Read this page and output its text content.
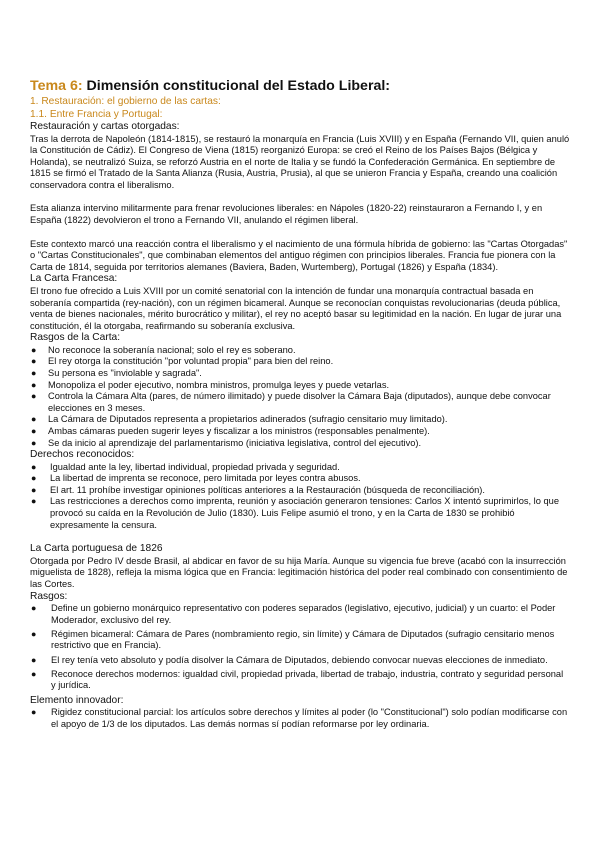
Tema 6: Dimensión constitucional del Estado Liberal:
1. Restauración: el gobierno de las cartas:
1.1. Entre Francia y Portugal:
Restauración y cartas otorgadas:

Tras la derrota de Napoleón (1814-1815), se restauró la monarquía en Francia (Luis XVIII) y en España (Fernando VII, quien anuló la Constitución de Cádiz). El Congreso de Viena (1815) reorganizó Europa: se creó el Reino de los Países Bajos (Bélgica y Holanda), se neutralizó Suiza, se reforzó Austria en el norte de Italia y se fundó la Confederación Germánica. En septiembre de 1815 se firmó el Tratado de la Santa Alianza (Rusia, Austria, Prusia), al que se unieron Francia y España, creando una coalición conservadora contra el liberalismo.

Esta alianza intervino militarmente para frenar revoluciones liberales: en Nápoles (1820-22) reinstauraron a Fernando I, y en España (1822) devolvieron el trono a Fernando VII, anulando el régimen liberal.

Este contexto marcó una reacción contra el liberalismo y el nacimiento de una fórmula híbrida de gobierno: las "Cartas Otorgadas" o "Cartas Constitucionales", que combinaban elementos del antiguo régimen con principios liberales. Francia fue pionera con la Carta de 1814, seguida por territorios alemanes (Baviera, Baden, Wurtemberg), Portugal (1826) y España (1834).

La Carta Francesa:

El trono fue ofrecido a Luis XVIII por un comité senatorial con la intención de fundar una monarquía contractual basada en soberanía compartida (rey-nación), con un régimen bicameral. Aunque se reconocían conquistas revolucionarias (deuda pública, venta de bienes nacionales, mérito burocrático y militar), el rey no aceptó basar su legitimidad en la nación. En lugar de jurar una constitución, él la otorgaba, reafirmando su soberanía exclusiva.

Rasgos de la Carta:
● No reconoce la soberanía nacional; solo el rey es soberano.
● El rey otorga la constitución "por voluntad propia" para bien del reino.
● Su persona es "inviolable y sagrada".
● Monopoliza el poder ejecutivo, nombra ministros, promulga leyes y puede vetarlas.
● Controla la Cámara Alta (pares, de número ilimitado) y puede disolver la Cámara Baja (diputados), aunque debe convocar elecciones en 3 meses.
● La Cámara de Diputados representa a propietarios adinerados (sufragio censitario muy limitado).
● Ambas cámaras pueden sugerir leyes y fiscalizar a los ministros (responsables penalmente).
● Se da inicio al aprendizaje del parlamentarismo (iniciativa legislativa, control del ejecutivo).
Derechos reconocidos:
● Igualdad ante la ley, libertad individual, propiedad privada y seguridad.
● La libertad de imprenta se reconoce, pero limitada por leyes contra abusos.
● El art. 11 prohíbe investigar opiniones políticas anteriores a la Restauración (búsqueda de reconciliación).
● Las restricciones a derechos como imprenta, reunión y asociación generaron tensiones: Carlos X intentó suprimirlos, lo que provocó su caída en la Revolución de Julio (1830). Luis Felipe asumió el trono, y en la Carta de 1830 se prohibió expresamente la censura.
La Carta portuguesa de 1826

Otorgada por Pedro IV desde Brasil, al abdicar en favor de su hija María. Aunque su vigencia fue breve (acabó con la insurrección miguelista de 1828), refleja la misma lógica que en Francia: legitimación histórica del poder real combinado con consentimiento de las Cortes.

Rasgos:
● Define un gobierno monárquico representativo con poderes separados (legislativo, ejecutivo, judicial) y un cuarto: el Poder Moderador, exclusivo del rey.
● Régimen bicameral: Cámara de Pares (nombramiento regio, sin límite) y Cámara de Diputados (sufragio censitario menos restrictivo que en Francia).
● El rey tenía veto absoluto y podía disolver la Cámara de Diputados, debiendo convocar nuevas elecciones de inmediato.
● Reconoce derechos modernos: igualdad civil, propiedad privada, libertad de trabajo, industria, contrato y seguridad personal y jurídica.
Elemento innovador:
● Rigidez constitucional parcial: los artículos sobre derechos y límites al poder (lo "Constitucional") solo podían modificarse con el apoyo de 1/3 de los diputados. Las demás normas sí podían reformarse por ley ordinaria.
